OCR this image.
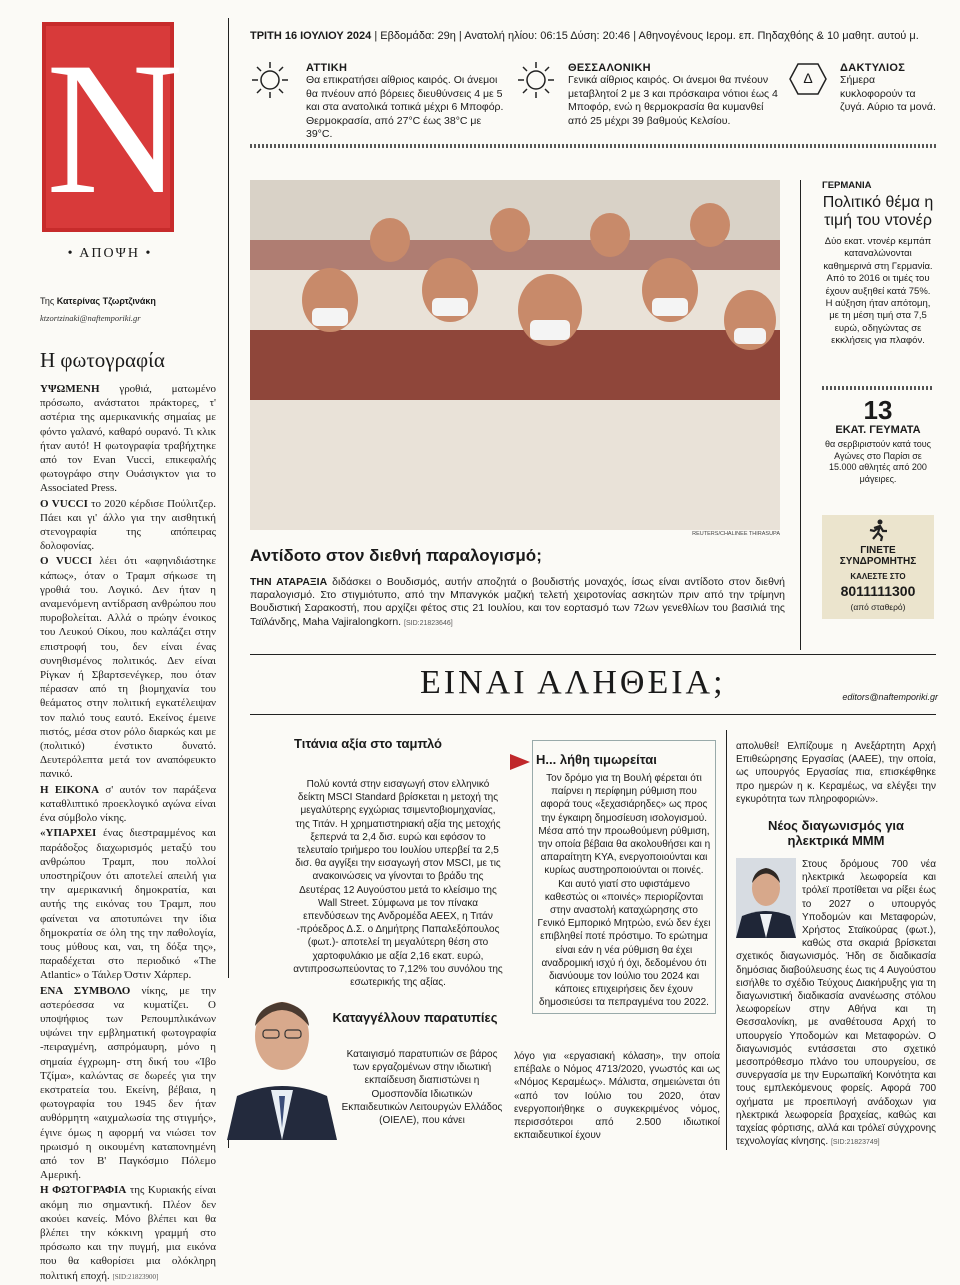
N
• ΑΠΟΨΗ •
Της Κατερίνας Τζωρτζινάκη
ktzortzinaki@naftemporiki.gr
Η φωτογραφία

ΥΨΩΜΕΝΗ γροθιά, ματωμένο πρόσωπο, ανάστατοι πράκτορες, τ' αστέρια της αμερικανικής σημαίας με φόντο γαλανό, καθαρό ουρανό. Τι κλικ ήταν αυτό! Η φωτογραφία τραβήχτηκε από τον Evan Vucci, επικεφαλής φωτογράφο στην Ουάσιγκτον για το Associated Press.

Ο VUCCI το 2020 κέρδισε Πούλιτζερ. Πάει και γι' άλλο για την αισθητική στενογραφία της απόπειρας δολοφονίας.

Ο VUCCI λέει ότι «αφηνιδιάστηκε κάπως», όταν ο Τραμπ σήκωσε τη γροθιά του. Λογικό. Δεν ήταν η αναμενόμενη αντίδραση ανθρώπου που πυροβολείται. Αλλά ο πρώην ένοικος του Λευκού Οίκου, που καλπάζει στην επιστροφή του, δεν είναι ένας συνηθισμένος πολιτικός. Δεν είναι Ρίγκαν ή Σβαρτσενέγκερ, που όταν πέρασαν από τη βιομηχανία του θεάματος στην πολιτική εγκατέλειψαν τον παλιό τους εαυτό. Εκείνος έμεινε πιστός, μέσα στον ρόλο διαρκώς και με (πολιτικό) ένστικτο δυνατό. Δευτερόλεπτα μετά τον αναπόφευκτο πανικό.

Η ΕΙΚΟΝΑ σ' αυτόν τον παράξενα καταθλιπτικό προεκλογικό αγώνα είναι ένα σύμβολο νίκης.

«ΥΠΑΡΧΕΙ ένας διεστραμμένος και παράδοξος διαχωρισμός μεταξύ του ανθρώπου Τραμπ, που πολλοί υποστηρίζουν ότι αποτελεί απειλή για την αμερικανική δημοκρατία, και αυτής της εικόνας του Τραμπ, που φαίνεται να αποτυπώνει την ίδια δημοκρατία σε όλη της την παθολογία, τους μύθους και, ναι, τη δόξα της», παραδέχεται στο περιοδικό «The Atlantic» ο Τάιλερ Όστιν Χάρπερ.

ΕΝΑ ΣΥΜΒΟΛΟ νίκης, με την αστερόεσσα να κυματίζει. Ο υποψήφιος των Ρεπουμπλικάνων υψώνει την εμβληματική φωτογραφία -πειραγμένη, ασπρόμαυρη, μόνο η σημαία έγχρωμη- στη δική του «Ίβο Τζίμα», καλώντας σε δωρεές για την εκστρατεία του. Εκείνη, βέβαια, η φωτογραφία του 1945 δεν ήταν αυθόρμητη «αιχμαλωσία της στιγμής», έγινε όμως η αφορμή να νιώσει τον ηρωισμό η οικουμένη καταπονημένη από τον Β' Παγκόσμιο Πόλεμο Αμερική.

Η ΦΩΤΟΓΡΑΦΙΑ της Κυριακής είναι ακόμη πιο σημαντική. Πλέον δεν ακούει κανείς. Μόνο βλέπει και θα βλέπει την κόκκινη γραμμή στο πρόσωπο και την πυγμή, μια εικόνα που θα καθορίσει μια ολόκληρη πολιτική εποχή. [SID:21823900]

ΤΡΙΤΗ 16 ΙΟΥΛΙΟΥ 2024 | Εβδομάδα: 29η | Ανατολή ηλίου: 06:15 Δύση: 20:46 | Αθηνογένους Ιερομ. επ. Πηδαχθόης & 10 μαθητ. αυτού μ.
ΑΤΤΙΚΗ
Θα επικρατήσει αίθριος καιρός. Οι άνεμοι θα πνέουν από βόρειες διευθύνσεις 4 με 5 και στα ανατολικά τοπικά μέχρι 6 Μποφόρ. Θερμοκρασία, από 27°C έως 38°C με 39°C.
ΘΕΣΣΑΛΟΝΙΚΗ
Γενικά αίθριος καιρός. Οι άνεμοι θα πνέουν μεταβλητοί 2 με 3 και πρόσκαιρα νότιοι έως 4 Μποφόρ, ενώ η θερμοκρασία θα κυμανθεί από 25 μέχρι 39 βαθμούς Κελσίου.
Δ
ΔΑΚΤΥΛΙΟΣ
Σήμερα κυκλοφορούν τα ζυγά. Αύριο τα μονά.
REUTERS/CHALINEE THIRASUPA
Αντίδοτο στον διεθνή παραλογισμό;
ΤΗΝ ΑΤΑΡΑΞΙΑ διδάσκει ο Βουδισμός, αυτήν αποζητά ο βουδιστής μοναχός, ίσως είναι αντίδοτο στον διεθνή παραλογισμό. Στο στιγμιότυπο, από την Μπανγκόκ μαζική τελετή χειροτονίας ασκητών πριν από την τρίμηνη Βουδιστική Σαρακοστή, που αρχίζει φέτος στις 21 Ιουλίου, και τον εορτασμό των 72ων γενεθλίων του βασιλιά της Ταϊλάνδης, Maha Vajiralongkorn. [SID:21823646]
ΓΕΡΜΑΝΙΑ
Πολιτικό θέμα η τιμή του ντονέρ
Δύο εκατ. ντονέρ κεμπάπ καταναλώνονται καθημερινά στη Γερμανία. Από το 2016 οι τιμές του έχουν αυξηθεί κατά 75%. Η αύξηση ήταν απότομη, με τη μέση τιμή στα 7,5 ευρώ, οδηγώντας σε εκκλήσεις για πλαφόν.
13
ΕΚΑΤ. ΓΕΥΜΑΤΑ
θα σερβιριστούν κατά τους Αγώνες στο Παρίσι σε 15.000 αθλητές από 200 μάγειρες.
ΓΙΝΕΤΕ ΣΥΝΔΡΟΜΗΤΗΣ
ΚΑΛΕΣΤΕ ΣΤΟ
8011111300
(από σταθερό)
ΕΙΝΑΙ ΑΛΗΘΕΙΑ;	editors@naftemporiki.gr
Τιτάνια αξία στο ταμπλό
Πολύ κοντά στην εισαγωγή στον ελληνικό δείκτη MSCI Standard βρίσκεται η μετοχή της μεγαλύτερης εγχώριας τσιμεντοβιομηχανίας, της Τιτάν. Η χρηματιστηριακή αξία της μετοχής ξεπερνά τα 2,4 δισ. ευρώ και εφόσον το τελευταίο τριήμερο του Ιουλίου υπερβεί τα 2,5 δισ. θα αγγίξει την εισαγωγή στον MSCI, με τις ανακοινώσεις να γίνονται το βράδυ της Δευτέρας 12 Αυγούστου μετά το κλείσιμο της Wall Street. Σύμφωνα με τον πίνακα επενδύσεων της Ανδρομέδα ΑΕΕΧ, η Τιτάν -πρόεδρος Δ.Σ. ο Δημήτρης Παπαλεξόπουλος (φωτ.)- αποτελεί τη μεγαλύτερη θέση στο χαρτοφυλάκιο με αξία 2,16 εκατ. ευρώ, αντιπροσωπεύοντας το 7,12% του συνόλου της εσωτερικής της αξίας.
Καταγγέλλουν παρατυπίες
Καταιγισμό παρατυπιών σε βάρος των εργαζομένων στην ιδιωτική εκπαίδευση διαπιστώνει η Ομοσπονδία Ιδιωτικών Εκπαιδευτικών Λειτουργών Ελλάδος (ΟΙΕΛΕ), που κάνει
Η... λήθη τιμωρείται
Τον δρόμο για τη Βουλή φέρεται ότι παίρνει η περίφημη ρύθμιση που αφορά τους «ξεχασιάρηδες» ως προς την έγκαιρη δημοσίευση ισολογισμού. Μέσα από την προωθούμενη ρύθμιση, την οποία βέβαια θα ακολουθήσει και η απαραίτητη ΚΥΑ, ενεργοποιούνται και κυρίως αυστηροποιούνται οι ποινές. Και αυτό γιατί στο υφιστάμενο καθεστώς οι «ποινές» περιορίζονται στην αναστολή καταχώρησης στο Γενικό Εμπορικό Μητρώο, ενώ δεν έχει επιβληθεί ποτέ πρόστιμο. Το ερώτημα είναι εάν η νέα ρύθμιση θα έχει αναδρομική ισχύ ή όχι, δεδομένου ότι διανύουμε τον Ιούλιο του 2024 και κάποιες επιχειρήσεις δεν έχουν δημοσιεύσει τα πεπραγμένα του 2022.
λόγο για «εργασιακή κόλαση», την οποία επέβαλε ο Νόμος 4713/2020, γνωστός και ως «Νόμος Κεραμέως». Μάλιστα, σημειώνεται ότι «από τον Ιούλιο του 2020, όταν ενεργοποιήθηκε ο συγκεκριμένος νόμος, περισσότεροι από 2.500 ιδιωτικοί εκπαιδευτικοί έχουν
απολυθεί! Ελπίζουμε η Ανεξάρτητη Αρχή Επιθεώρησης Εργασίας (ΑΑΕΕ), την οποία, ως υπουργός Εργασίας πια, επισκέφθηκε προ ημερών η κ. Κεραμέως, να ελέγξει την εγκυρότητα των πληροφοριών».
Νέος διαγωνισμός για ηλεκτρικά ΜΜΜ
Στους δρόμους 700 νέα ηλεκτρικά λεωφορεία και τρόλεϊ προτίθεται να ρίξει έως το 2027 ο υπουργός Υποδομών και Μεταφορών, Χρήστος Σταϊκούρας (φωτ.), καθώς στα σκαριά βρίσκεται σχετικός διαγωνισμός. Ήδη σε διαδικασία δημόσιας διαβούλευσης έως τις 4 Αυγούστου εισήλθε το σχέδιο Τεύχους Διακήρυξης για τη διαγωνιστική διαδικασία ανανέωσης στόλου λεωφορείων στην Αθήνα και τη Θεσσαλονίκη, με αναθέτουσα Αρχή το υπουργείο Υποδομών και Μεταφορών. Ο διαγωνισμός εντάσσεται στο σχετικό μεσοπρόθεσμο πλάνο του υπουργείου, σε συνεργασία με την Ευρωπαϊκή Κοινότητα και τους εμπλεκόμενους φορείς. Αφορά 700 οχήματα με προεπιλογή ανάδοχων για ηλεκτρικά λεωφορεία βραχείας, καθώς και ταχείας φόρτισης, αλλά και τρόλεϊ σύγχρονης τεχνολογίας κίνησης. [SID:21823749]
